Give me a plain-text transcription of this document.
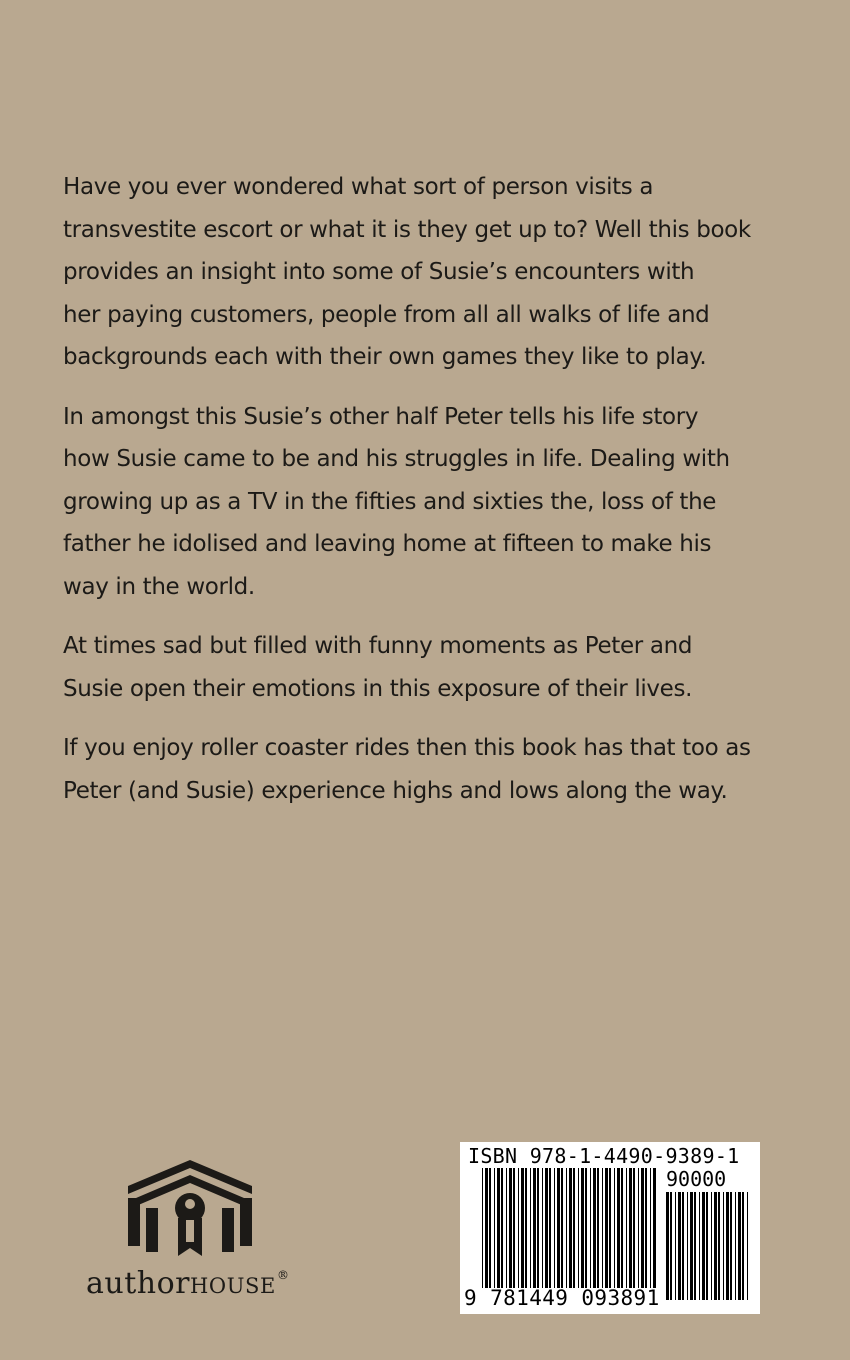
Have you ever wondered what sort of person visits a
transvestite escort or what it is they get up to? Well this book
provides an insight into some of Susie’s encounters with
her paying customers, people from all all walks of life and
backgrounds each with their own games they like to play.

In amongst this Susie’s other half Peter tells his life story
how Susie came to be and his struggles in life. Dealing with
growing up as a TV in the fifties and sixties the, loss of the
father he idolised and leaving home at fifteen to make his
way in the world.

At times sad but filled with funny moments as Peter and
Susie open their emotions in this exposure of their lives.

If you enjoy roller coaster rides then this book has that too as
Peter (and Susie) experience highs and lows along the way.

authorHOUSE®
ISBN 978-1-4490-9389-1
90000
9 781449 093891
